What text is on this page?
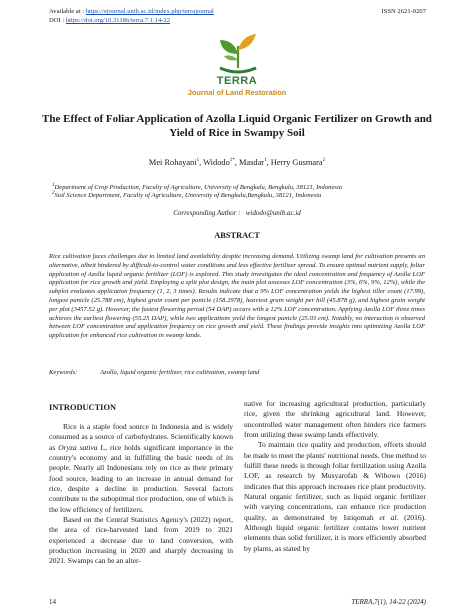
Available at : https://ejournal.unib.ac.id/index.php/terrajournal	ISSN 2621-0207
DOI : https://doi.org/10.31186/terra.7.1.14-22
TERRA
Journal of Land Restoration
The Effect of Foliar Application of Azolla Liquid Organic Fertilizer on Growth and Yield of Rice in Swampy Soil
Mei Rohayani$^1$, Widodo$^{1*}$, Masdar$^1$, Herry Gusmara$^2$
$^1$Department of Crop Production, Faculty of Agriculture, University of Bengkulu, Bengkulu, 38121, Indonesia
$^2$Soil Science Department, Faculty of Agriculture, University of Bengkulu,Bengkulu, 38121, Indonesia
Corresponding Author : widodo@unib.ac.id
ABSTRACT
Rice cultivation faces challenges due to limited land availability despite increasing demand. Utilizing swamp land for cultivation presents an alternative, albeit hindered by difficult-to-control water conditions and less effective fertilizer spread. To ensure optimal nutrient supply, foliar application of Azolla liquid organic fertilizer (LOF) is explored. This study investigates the ideal concentration and frequency of Azolla LOF application for rice growth and yield. Employing a split plot design, the main plot assesses LOF concentration (3%, 6%, 9%, 12%), while the subplot evaluates application frequency (1, 2, 3 times). Results indicate that a 9% LOF concentration yields the highest tiller count (17.99), longest panicle (25.788 cm), highest grain count per panicle (158.2978), heaviest grain weight per hill (45.878 g), and highest grain weight per plot (3457.52 g). However, the fastest flowering period (54 DAP) occurs with a 12% LOF concentration. Applying Azolla LOF three times achieves the earliest flowering (55.25 DAP), while two applications yield the longest panicle (25.03 cm). Notably, no interaction is observed between LOF concentration and application frequency on rice growth and yield. These findings provide insights into optimizing Azolla LOF application for enhanced rice cultivation in swamp lands.
Keywords:	Azolla, liquid organic fertilizer, rice cultivation, swamp land
INTRODUCTION

Rice is a staple food source in Indonesia and is widely consumed as a source of carbohydrates. Scientifically known as Oryza sativa L, rice holds significant importance in the country's economy and in fulfilling the basic needs of its people. Nearly all Indonesians rely on rice as their primary food source, leading to an increase in annual demand for rice, despite a decline in production. Several factors contribute to the suboptimal rice production, one of which is the low efficiency of fertilizers.

Based on the Central Statistics Agency's (2022) report, the area of rice-harvested land from 2019 to 2021 experienced a decrease due to land conversion, with production increasing in 2020 and sharply decreasing in 2021. Swamps can be an alter-

native for increasing agricultural production, particularly rice, given the shrinking agricultural land. However, uncontrolled water management often hinders rice farmers from utilizing these swamp lands effectively.

To maintain rice quality and production, efforts should be made to meet the plants' nutritional needs. One method to fulfill these needs is through foliar fertilization using Azolla LOF, as research by Musyarofah & Wibowo (2016) indicates that this approach increases rice plant productivity. Natural organic fertilizer, such as liquid organic fertilizer with varying concentrations, can enhance rice production quality, as demonstrated by Istiqomah et al. (2016). Although liquid organic fertilizer contains lower nutrient elements than solid fertilizer, it is more efficiently absorbed by plants, as stated by

14	TERRA,7(1), 14-22 (2024)
